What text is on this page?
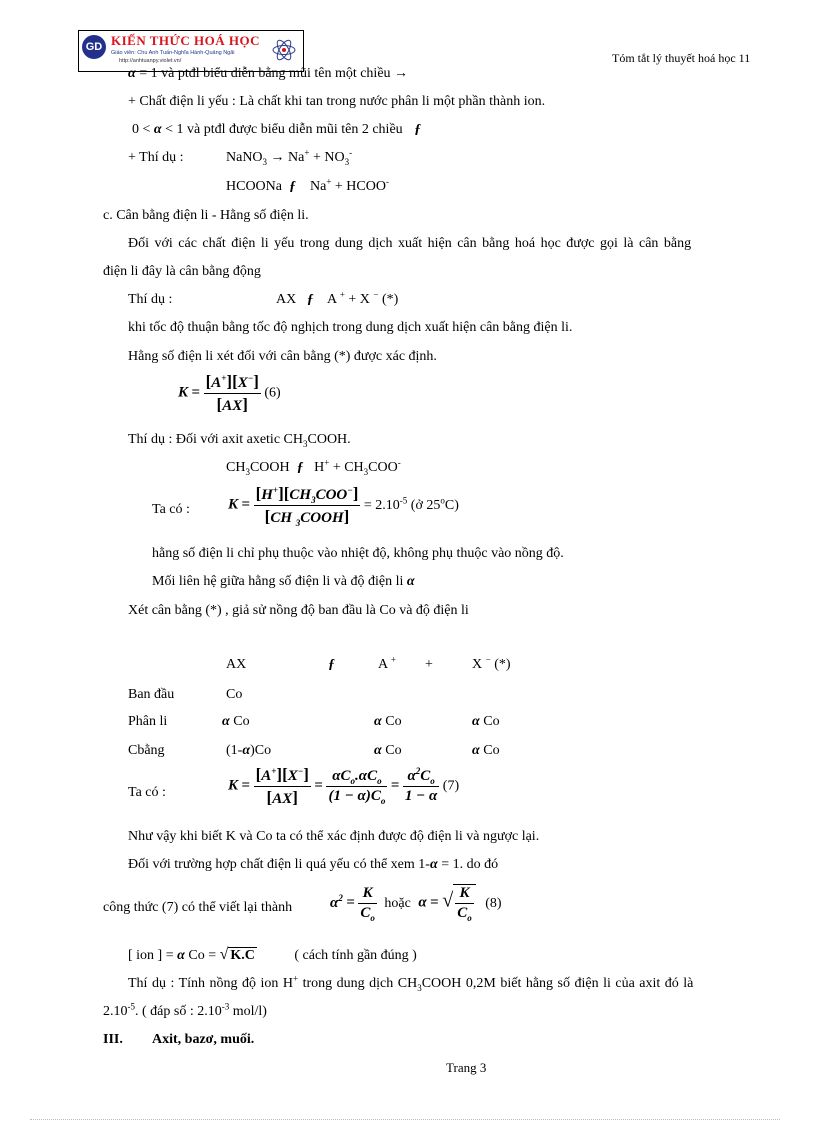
GD KIẾN THỨC HOÁ HỌC
Giáo viên: Chu Anh Tuấn-Nghĩa Hành-Quảng Ngãi
http://anhtuanpy.violet.vn/	Tóm tắt lý thuyết hoá học 11
α = 1 và ptđl biểu diễn bằng mũi tên một chiều →
+ Chất điện li yếu : Là chất khi tan trong nước phân li một phần thành ion.
0 < α < 1 và ptđl được biểu diễn mũi tên 2 chiều ƒ
+ Thí dụ :	NaNO$_3$ → $Na^+ + NO_3^-$
HCOONa  ƒ    Na+ + HCOO-
c. Cân bằng điện li - Hằng số điện li.
Đối với các chất điện li yếu trong dung dịch xuất hiện cân bằng hoá học được gọi là cân bằng
điện li đây là cân bằng động
Thí dụ :	AX   ƒ    A + + X − (*)
khi tốc độ thuận bằng tốc độ nghịch trong dung dịch xuất hiện cân bằng điện li.
Hằng số điện li xét đối với cân bằng (*) được xác định.
$K = \frac{[A^+][X^-]}{[AX]} (6)$
Thí dụ : Đối với axit axetic $CH_3COOH$.
$CH_3COOH$  ƒ   $H^+ + CH_3COO^-$
Ta có :	$K = \frac{[H^+][CH_3COO^-]}{[CH _3COOH]} = 2.10^{-5}$ (ở 25$^o$C)
hằng số điện li chỉ phụ thuộc vào nhiệt độ, không phụ thuộc vào nồng độ.
Mối liên hệ giữa hằng số điện li và độ điện li α
Xét cân bằng (*) , giả sử nồng độ ban đầu là Co và độ điện li
AX	ƒ	A + +	X − (*)
Ban đầu	Co
Phân li	α Co	α Co	α Co
Cbằng	(1-α)Co	α Co	α Co
Ta có :	$K = \frac{[A^+][X^-]}{[AX]} = \frac{\alpha C_o.\alpha C_o}{(1 - \alpha)C_o} = \frac{\alpha^2C_o}{1 - \alpha} (7)$
Như vậy khi biết K và Co ta có thể xác định được độ điện li và ngược lại.
Đối với trường hợp chất điện li quá yếu có thể xem 1-α = 1. do đó
công thức (7) có thể viết lại thành	$\alpha^2 = \frac{K}{C_o}$ hoặc α = √ $\frac{K}{C_o} (8)$
[ ion ] = α Co = √ K.C	( cách tính gần đúng )
Thí dụ : Tính nồng độ ion H+ trong dung dịch $CH_3COOH$ 0,2M biết hằng số điện li của axit đó là
$2.10^{-5}$. ( đáp số : $2.10^{-3}$ mol/l)
III. Axit, bazơ, muối.
Trang 3
